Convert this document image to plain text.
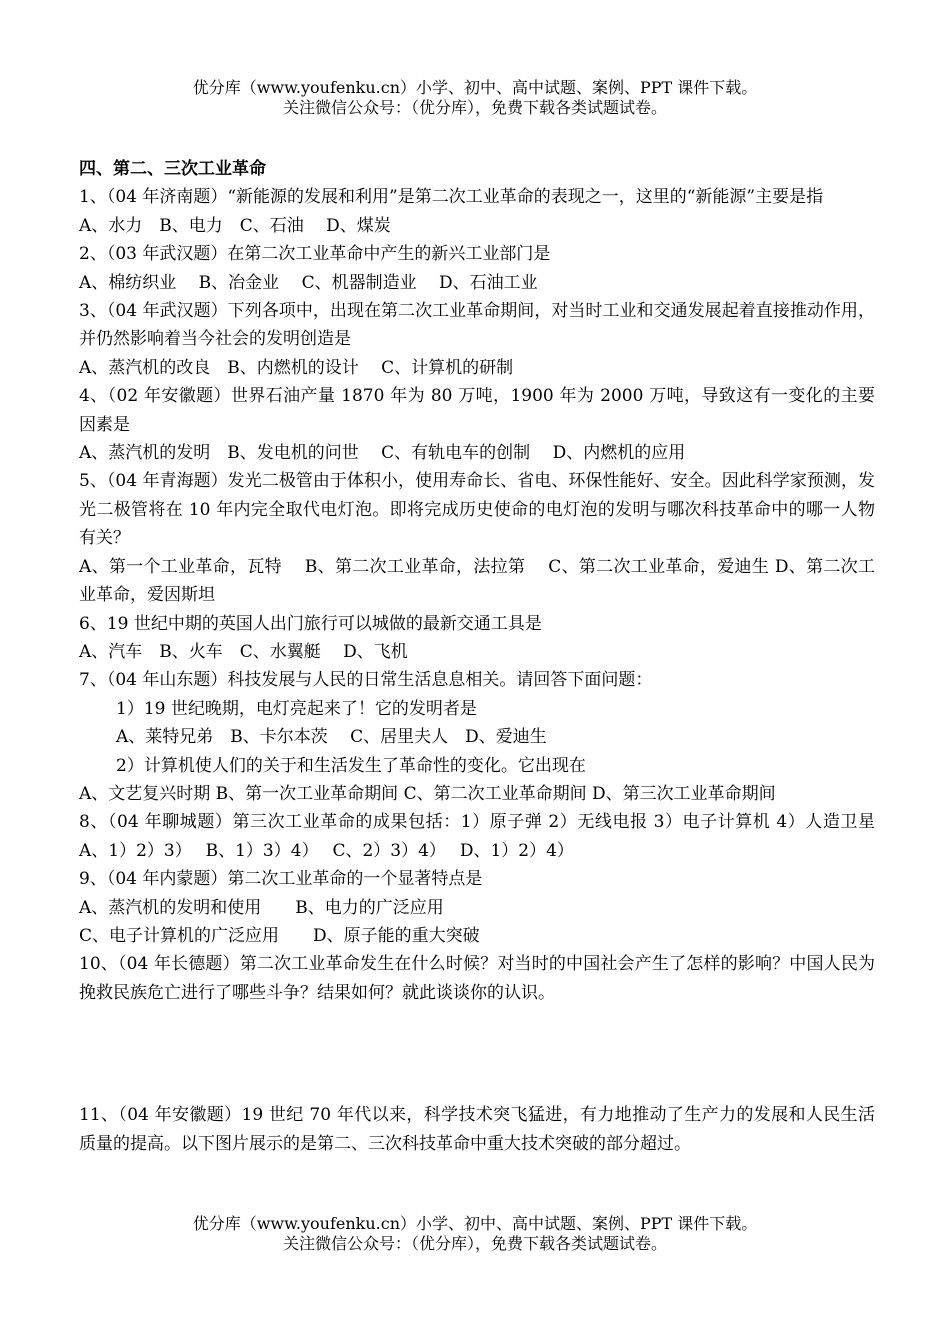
优分库（www.youfenku.cn）小学、初中、高中试题、案例、PPT 课件下载。
关注微信公众号：（优分库），免费下载各类试题试卷。

四、第二、三次工业革命

1、（04 年济南题）“新能源的发展和利用”是第二次工业革命的表现之一，这里的“新能源”主要是指

A、水力　B、电力　C、石油　 D、煤炭

2、（03 年武汉题）在第二次工业革命中产生的新兴工业部门是

A、棉纺织业　 B、冶金业　 C、机器制造业　 D、石油工业

3、（04 年武汉题）下列各项中，出现在第二次工业革命期间，对当时工业和交通发展起着直接推动作用，并仍然影响着当今社会的发明创造是

A、蒸汽机的改良　B、内燃机的设计　 C、计算机的研制

4、（02 年安徽题）世界石油产量 1870 年为 80 万吨，1900 年为 2000 万吨，导致这有一变化的主要因素是

A、蒸汽机的发明　B、发电机的问世　 C、有轨电车的创制　 D、内燃机的应用

5、（04 年青海题）发光二极管由于体积小，使用寿命长、省电、环保性能好、安全。因此科学家预测，发光二极管将在 10 年内完全取代电灯泡。即将完成历史使命的电灯泡的发明与哪次科技革命中的哪一人物有关？

A、第一个工业革命，瓦特　 B、第二次工业革命，法拉第　 C、第二次工业革命，爱迪生 D、第二次工业革命，爱因斯坦

6、19 世纪中期的英国人出门旅行可以城做的最新交通工具是

A、汽车　B、火车　C、水翼艇　 D、飞机

7、（04 年山东题）科技发展与人民的日常生活息息相关。请回答下面问题：

1）19 世纪晚期，电灯亮起来了！它的发明者是

A、莱特兄弟　B、卡尔本茨　 C、居里夫人　D、爱迪生

2）计算机使人们的关于和生活发生了革命性的变化。它出现在

A、文艺复兴时期 B、第一次工业革命期间 C、第二次工业革命期间 D、第三次工业革命期间

8、（04 年聊城题）第三次工业革命的成果包括：1）原子弹 2）无线电报 3）电子计算机 4）人造卫星　　A、1）2）3）　 B、1）3）4）　 C、2）3）4）　 D、1）2）4）

9、（04 年内蒙题）第二次工业革命的一个显著特点是

A、蒸汽机的发明和使用　　B、电力的广泛应用

C、电子计算机的广泛应用　　D、原子能的重大突破

10、（04 年长德题）第二次工业革命发生在什么时候？对当时的中国社会产生了怎样的影响？中国人民为挽救民族危亡进行了哪些斗争？结果如何？就此谈谈你的认识。

11、（04 年安徽题）19 世纪 70 年代以来，科学技术突飞猛进，有力地推动了生产力的发展和人民生活质量的提高。以下图片展示的是第二、三次科技革命中重大技术突破的部分超过。

优分库（www.youfenku.cn）小学、初中、高中试题、案例、PPT 课件下载。
关注微信公众号：（优分库），免费下载各类试题试卷。
